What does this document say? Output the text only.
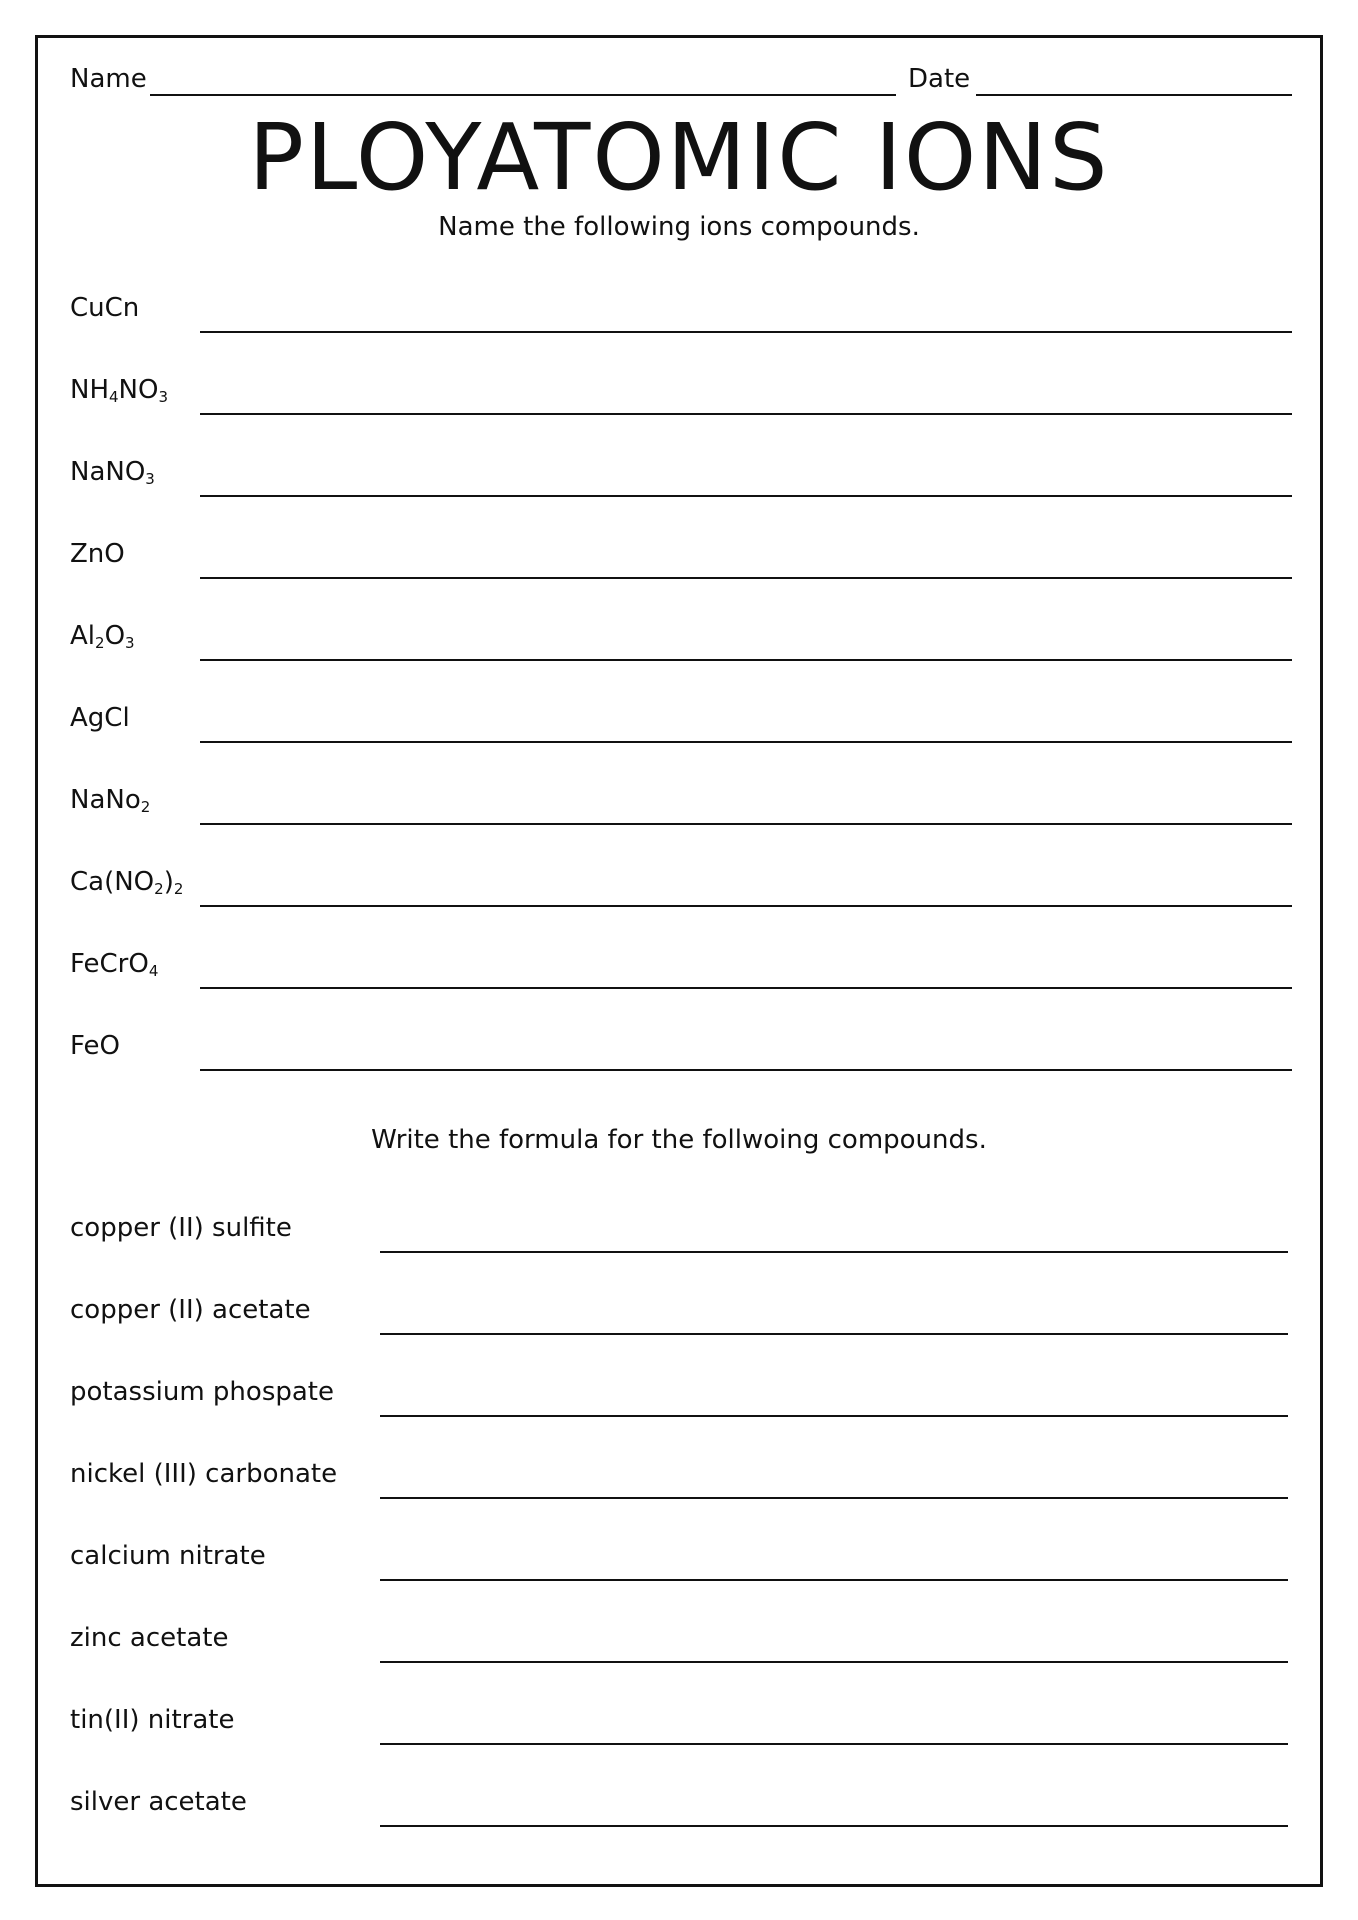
Name	Date
PLOYATOMIC IONS
Name the following ions compounds.
CuCn
$NH_4NO_3$
NaNO$_3$
ZnO
$Al_2O_3$
AgCl
NaNo$_2$
$Ca(NO_2)_2$
FeCrO$_4$
FeO
Write the formula for the follwoing compounds.
copper (II) sulfite
copper (II) acetate
potassium phospate
nickel (III) carbonate
calcium nitrate
zinc acetate
tin(II) nitrate
silver acetate
